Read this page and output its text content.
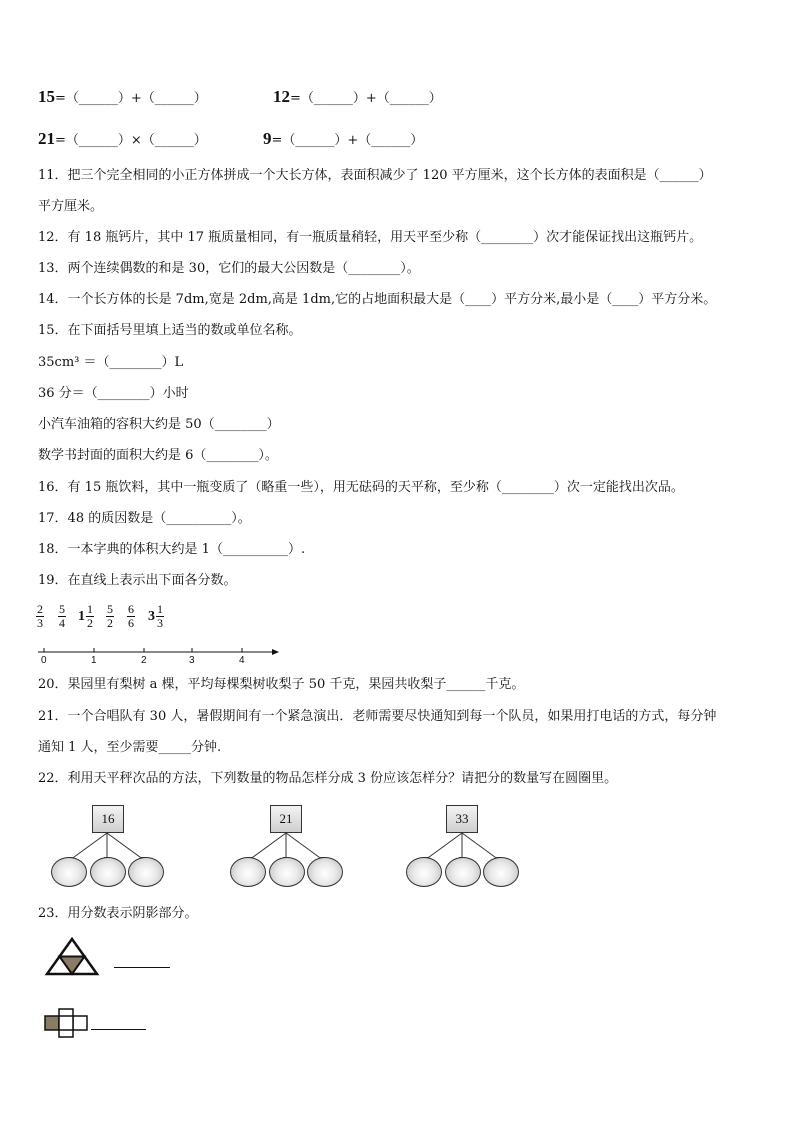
15=（______）+（______）	12=（______）+（______）
21=（______）×（______）	9=（______）+（______）
11．把三个完全相同的小正方体拼成一个大长方体，表面积减少了 120 平方厘米，这个长方体的表面积是（______）
平方厘米。
12．有 18 瓶钙片，其中 17 瓶质量相同，有一瓶质量稍轻，用天平至少称（________）次才能保证找出这瓶钙片。
13．两个连续偶数的和是 30，它们的最大公因数是（________）。
14．一个长方体的长是 7dm,宽是 2dm,高是 1dm,它的占地面积最大是（____）平方分米,最小是（____）平方分米。
15．在下面括号里填上适当的数或单位名称。
35cm³ ＝（________）L
36 分＝（________）小时
小汽车油箱的容积大约是 50（________）
数学书封面的面积大约是 6（________）。
16．有 15 瓶饮料，其中一瓶变质了（略重一些），用无砝码的天平称，至少称（________）次一定能找出次品。
17．48 的质因数是（__________）。
18．一本字典的体积大约是 1（__________）.
19．在直线上表示出下面各分数。
$\frac{2}{3} \frac{5}{4} 1 \frac{1}{2} \frac{5}{2} \frac{6}{6} 3 \frac{1}{3}$
0	1	2	3	4
20．果园里有梨树 a 棵，平均每棵梨树收梨子 50 千克，果园共收梨子______千克。
21．一个合唱队有 30 人，暑假期间有一个紧急演出．老师需要尽快通知到每一个队员，如果用打电话的方式，每分钟
通知 1 人，至少需要_____分钟.
22．利用天平秤次品的方法，下列数量的物品怎样分成 3 份应该怎样分？请把分的数量写在圆圈里。
16	21	33
23．用分数表示阴影部分。
